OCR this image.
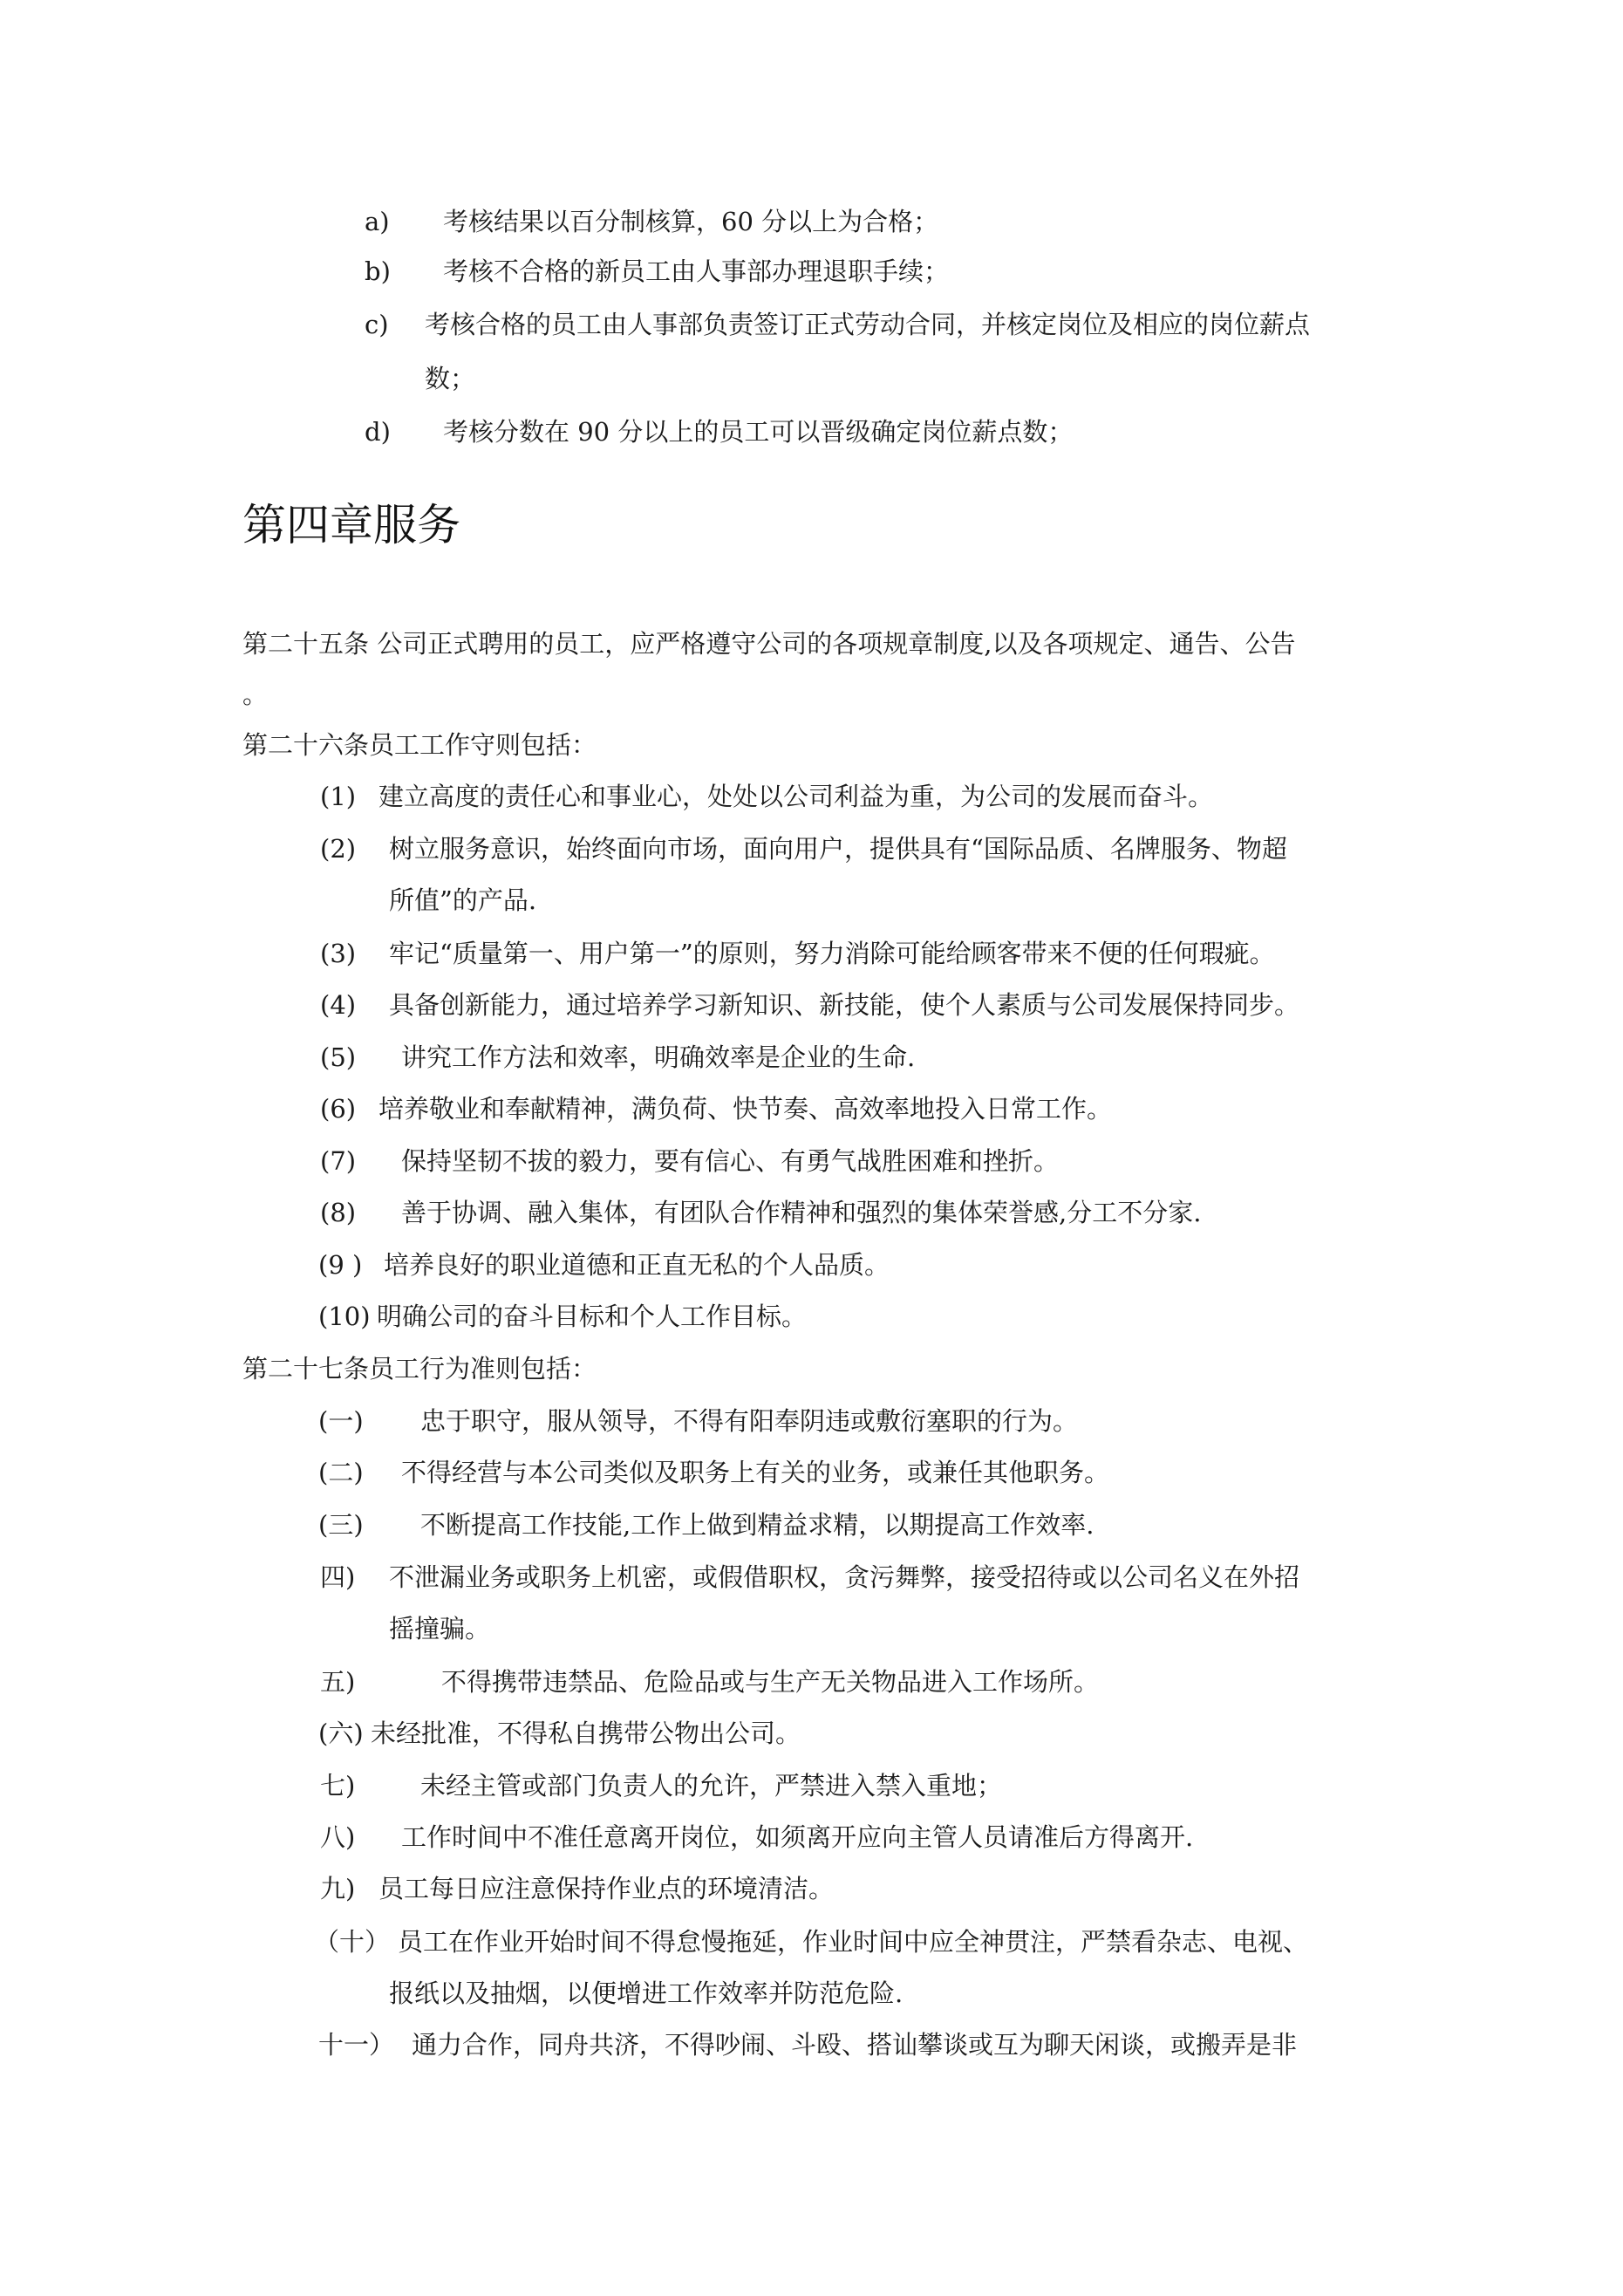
a) 考核结果以百分制核算，60 分以上为合格；
b) 考核不合格的新员工由人事部办理退职手续；
c) 考核合格的员工由人事部负责签订正式劳动合同，并核定岗位及相应的岗位薪点
数；
d) 考核分数在 90 分以上的员工可以晋级确定岗位薪点数；
第四章服务
第二十五条 公司正式聘用的员工，应严格遵守公司的各项规章制度,以及各项规定、通告、公告
。
第二十六条员工工作守则包括：
(1) 建立高度的责任心和事业心，处处以公司利益为重，为公司的发展而奋斗。
(2) 树立服务意识，始终面向市场，面向用户，提供具有“国际品质、名牌服务、物超
所值”的产品.
(3) 牢记“质量第一、用户第一”的原则，努力消除可能给顾客带来不便的任何瑕疵。
(4) 具备创新能力，通过培养学习新知识、新技能，使个人素质与公司发展保持同步。
(5) 讲究工作方法和效率，明确效率是企业的生命.
(6) 培养敬业和奉献精神，满负荷、快节奏、高效率地投入日常工作。
(7) 保持坚韧不拔的毅力，要有信心、有勇气战胜困难和挫折。
(8) 善于协调、融入集体，有团队合作精神和强烈的集体荣誉感,分工不分家.
(9 ) 培养良好的职业道德和正直无私的个人品质。
(10) 明确公司的奋斗目标和个人工作目标。
第二十七条员工行为准则包括：
(一) 忠于职守，服从领导，不得有阳奉阴违或敷衍塞职的行为。
(二) 不得经营与本公司类似及职务上有关的业务，或兼任其他职务。
(三) 不断提高工作技能,工作上做到精益求精，以期提高工作效率.
四) 不泄漏业务或职务上机密，或假借职权，贪污舞弊，接受招待或以公司名义在外招
摇撞骗。
五)	不得携带违禁品、危险品或与生产无关物品进入工作场所。
(六) 未经批准，不得私自携带公物出公司。
七)	未经主管或部门负责人的允许，严禁进入禁入重地；
八) 工作时间中不准任意离开岗位，如须离开应向主管人员请准后方得离开.
九) 员工每日应注意保持作业点的环境清洁。
（十） 员工在作业开始时间不得怠慢拖延，作业时间中应全神贯注，严禁看杂志、电视、
报纸以及抽烟，以便增进工作效率并防范危险.
十一） 通力合作，同舟共济，不得吵闹、斗殴、搭讪攀谈或互为聊天闲谈，或搬弄是非
